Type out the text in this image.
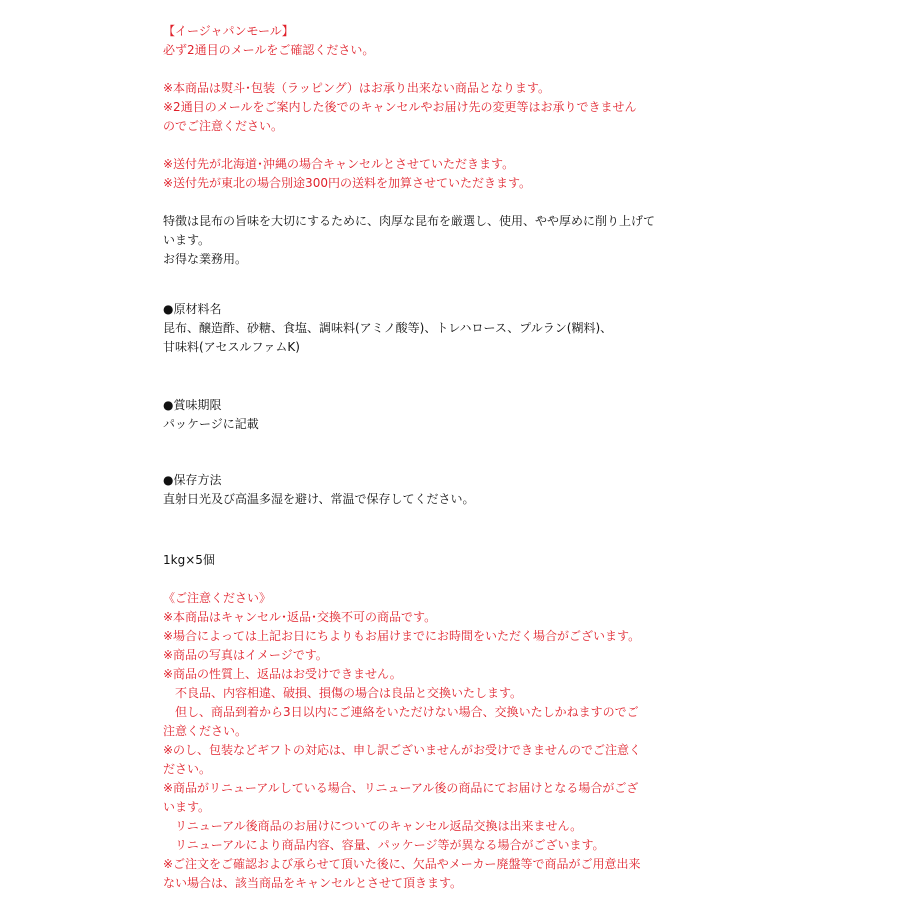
【イージャパンモール】
必ず2通目のメールをご確認ください。
※本商品は熨斗･包装（ラッピング）はお承り出来ない商品となります。
※2通目のメールをご案内した後でのキャンセルやお届け先の変更等はお承りできません
のでご注意ください。
※送付先が北海道･沖縄の場合キャンセルとさせていただきます。
※送付先が東北の場合別途300円の送料を加算させていただきます。
特徴は昆布の旨味を大切にするために、肉厚な昆布を厳選し、使用、やや厚めに削り上げて
います。
お得な業務用。
●原材料名
昆布、醸造酢、砂糖、食塩、調味料(アミノ酸等)、トレハロース、プルラン(糊料)、
甘味料(アセスルファムK)
●賞味期限
パッケージに記載
●保存方法
直射日光及び高温多湿を避け、常温で保存してください。
1kg×5個
《ご注意ください》
※本商品はキャンセル･返品･交換不可の商品です。
※場合によっては上記お日にちよりもお届けまでにお時間をいただく場合がございます。
※商品の写真はイメージです。
※商品の性質上、返品はお受けできません。
　不良品、内容相違、破損、損傷の場合は良品と交換いたします。
　但し、商品到着から3日以内にご連絡をいただけない場合、交換いたしかねますのでご
注意ください。
※のし、包装などギフトの対応は、申し訳ございませんがお受けできませんのでご注意く
ださい。
※商品がリニューアルしている場合、リニューアル後の商品にてお届けとなる場合がござ
います。
　リニューアル後商品のお届けについてのキャンセル返品交換は出来ません。
　リニューアルにより商品内容、容量、パッケージ等が異なる場合がございます。
※ご注文をご確認および承らせて頂いた後に、欠品やメーカー廃盤等で商品がご用意出来
ない場合は、該当商品をキャンセルとさせて頂きます。
